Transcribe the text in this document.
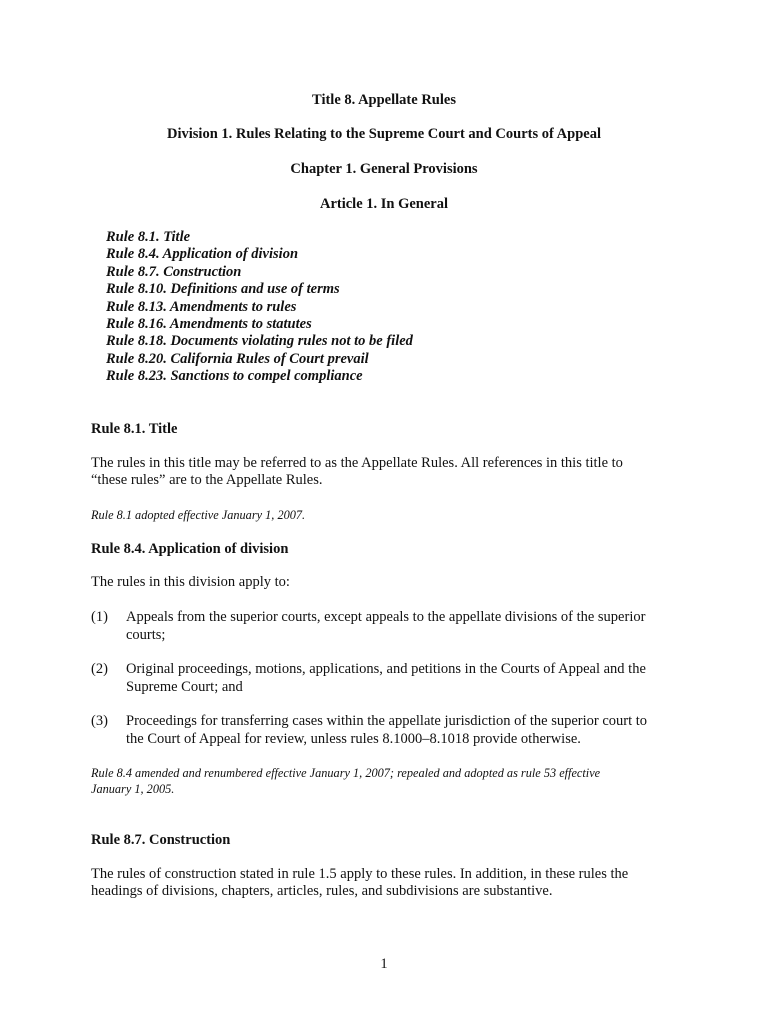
Title 8. Appellate Rules

Division 1. Rules Relating to the Supreme Court and Courts of Appeal

Chapter 1. General Provisions

Article 1. In General

Rule 8.1. Title
Rule 8.4. Application of division
Rule 8.7. Construction
Rule 8.10. Definitions and use of terms
Rule 8.13. Amendments to rules
Rule 8.16. Amendments to statutes
Rule 8.18. Documents violating rules not to be filed
Rule 8.20. California Rules of Court prevail
Rule 8.23. Sanctions to compel compliance

Rule 8.1. Title

The rules in this title may be referred to as the Appellate Rules. All references in this title to

“these rules” are to the Appellate Rules.

Rule 8.1 adopted effective January 1, 2007.

Rule 8.4. Application of division

The rules in this division apply to:

(1) Appeals from the superior courts, except appeals to the appellate divisions of the superior
courts;
(2) Original proceedings, motions, applications, and petitions in the Courts of Appeal and the
Supreme Court; and
(3) Proceedings for transferring cases within the appellate jurisdiction of the superior court to
the Court of Appeal for review, unless rules 8.1000–8.1018 provide otherwise.

Rule 8.4 amended and renumbered effective January 1, 2007; repealed and adopted as rule 53 effective

January 1, 2005.

Rule 8.7. Construction

The rules of construction stated in rule 1.5 apply to these rules. In addition, in these rules the

headings of divisions, chapters, articles, rules, and subdivisions are substantive.

1
